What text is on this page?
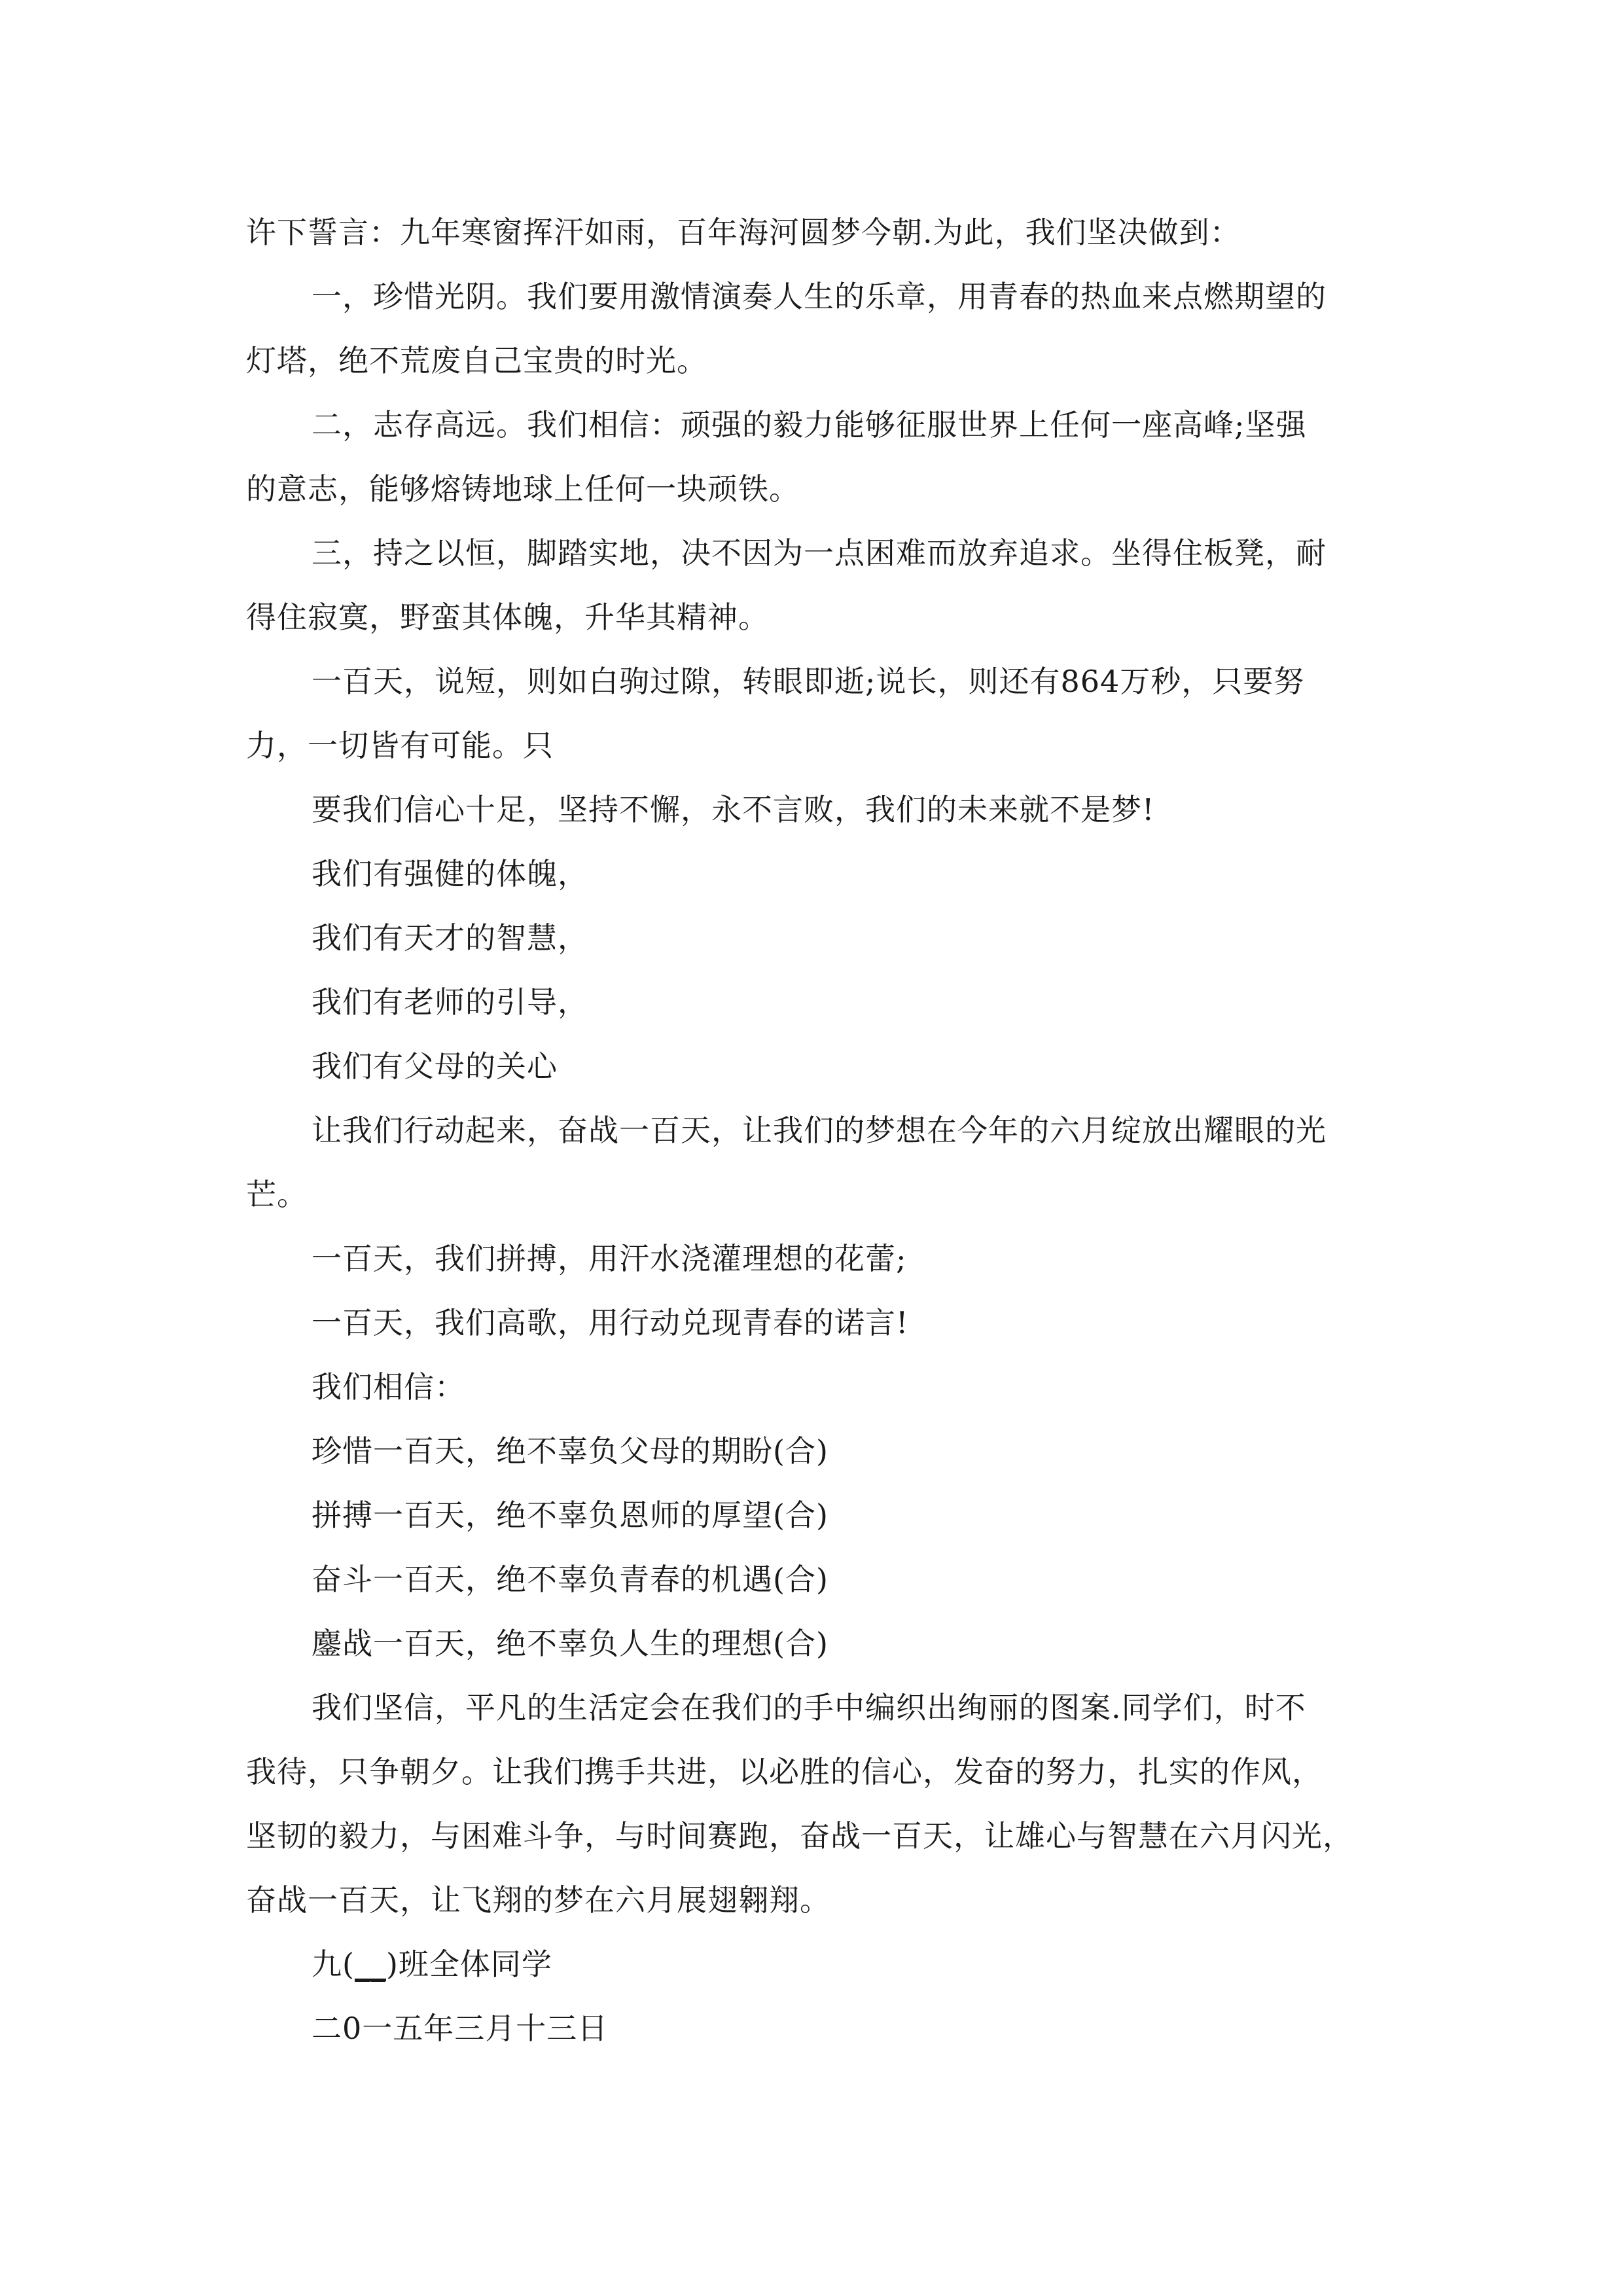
许下誓言：九年寒窗挥汗如雨，百年海河圆梦今朝.为此，我们坚决做到：
一，珍惜光阴。我们要用激情演奏人生的乐章，用青春的热血来点燃期望的
灯塔，绝不荒废自己宝贵的时光。
二，志存高远。我们相信：顽强的毅力能够征服世界上任何一座高峰;坚强
的意志，能够熔铸地球上任何一块顽铁。
三，持之以恒，脚踏实地，决不因为一点困难而放弃追求。坐得住板凳，耐
得住寂寞，野蛮其体魄，升华其精神。
一百天，说短，则如白驹过隙，转眼即逝;说长，则还有864万秒，只要努
力，一切皆有可能。只
要我们信心十足，坚持不懈，永不言败，我们的未来就不是梦!
我们有强健的体魄，
我们有天才的智慧，
我们有老师的引导，
我们有父母的关心
让我们行动起来，奋战一百天，让我们的梦想在今年的六月绽放出耀眼的光
芒。
一百天，我们拼搏，用汗水浇灌理想的花蕾;
一百天，我们高歌，用行动兑现青春的诺言!
我们相信：
珍惜一百天，绝不辜负父母的期盼(合)
拼搏一百天，绝不辜负恩师的厚望(合)
奋斗一百天，绝不辜负青春的机遇(合)
鏖战一百天，绝不辜负人生的理想(合)
我们坚信，平凡的生活定会在我们的手中编织出绚丽的图案.同学们，时不
我待，只争朝夕。让我们携手共进，以必胜的信心，发奋的努力，扎实的作风，
坚韧的毅力，与困难斗争，与时间赛跑，奋战一百天，让雄心与智慧在六月闪光，
奋战一百天，让飞翔的梦在六月展翅翱翔。
九(__)班全体同学
二0一五年三月十三日
